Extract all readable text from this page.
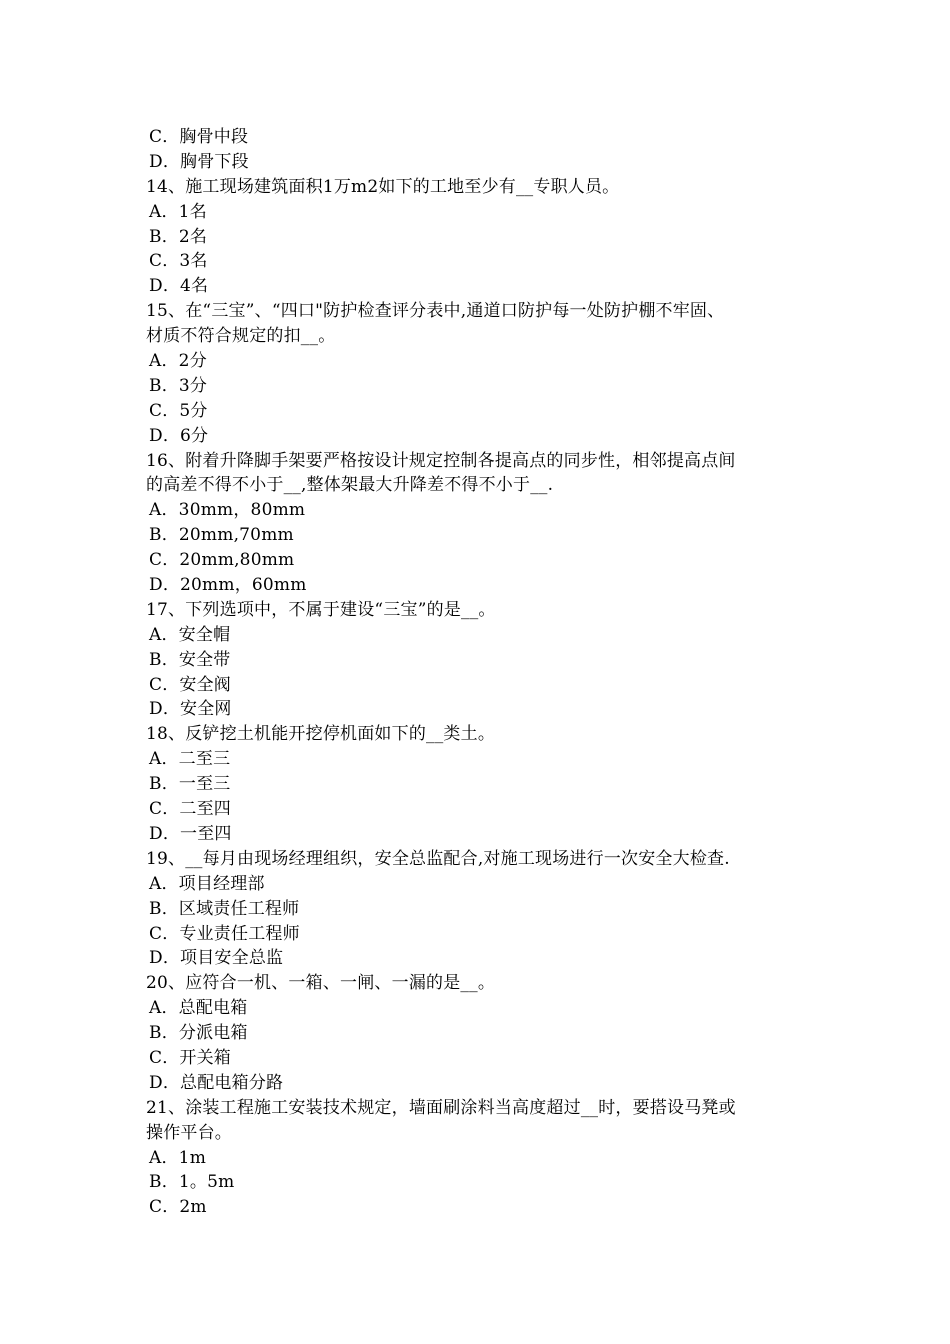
C．胸骨中段
D．胸骨下段
14、施工现场建筑面积1万m2如下的工地至少有__专职人员。
A．1名
B．2名
C．3名
D．4名
15、在“三宝”、“四口"防护检查评分表中,通道口防护每一处防护棚不牢固、
材质不符合规定的扣__。
A．2分
B．3分
C．5分
D．6分
16、附着升降脚手架要严格按设计规定控制各提高点的同步性，相邻提高点间
的高差不得不小于__,整体架最大升降差不得不小于__.
A．30mm，80mm
B．20mm,70mm
C．20mm,80mm
D．20mm，60mm
17、下列选项中，不属于建设“三宝”的是__。
A．安全帽
B．安全带
C．安全阀
D．安全网
18、反铲挖土机能开挖停机面如下的__类土。
A．二至三
B．一至三
C．二至四
D．一至四
19、__每月由现场经理组织，安全总监配合,对施工现场进行一次安全大检查.
A．项目经理部
B．区域责任工程师
C．专业责任工程师
D．项目安全总监
20、应符合一机、一箱、一闸、一漏的是__。
A．总配电箱
B．分派电箱
C．开关箱
D．总配电箱分路
21、涂装工程施工安装技术规定，墙面刷涂料当高度超过__时，要搭设马凳或
操作平台。
A．1m
B．1。5m
C．2m
